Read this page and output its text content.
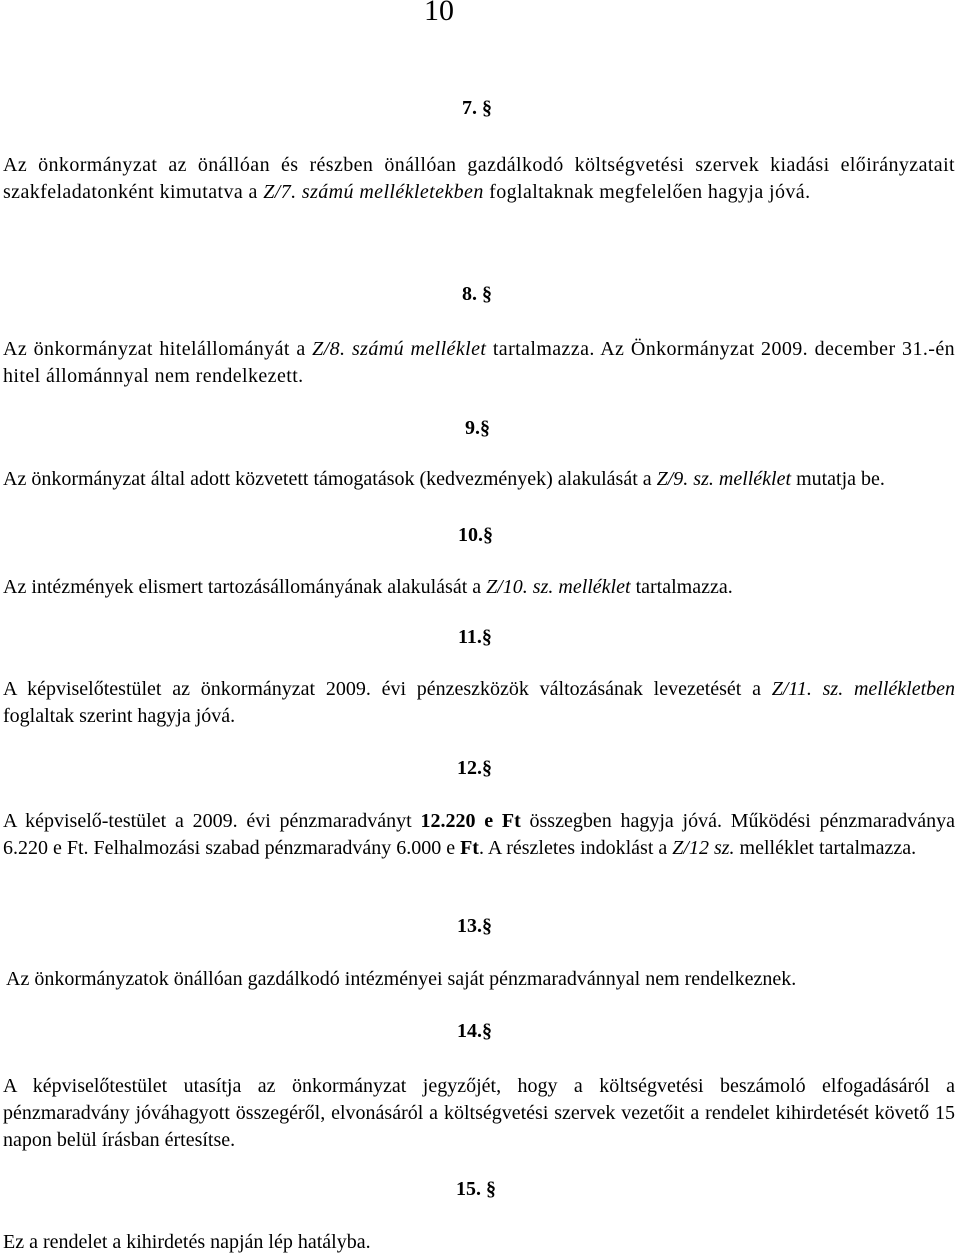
10
7. §
Az önkormányzat az önállóan és részben önállóan gazdálkodó költségvetési szervek kiadási előirányzatait szakfeladatonként kimutatva a Z/7. számú mellékletekben foglaltaknak megfelelően hagyja jóvá.
8. §
Az önkormányzat hitelállományát a Z/8. számú melléklet tartalmazza. Az Önkormányzat 2009. december 31.-én hitel állománnyal nem rendelkezett.
9.§
Az önkormányzat által adott közvetett támogatások (kedvezmények) alakulását a Z/9. sz. melléklet mutatja be.
10.§
Az intézmények elismert tartozásállományának alakulását a Z/10. sz. melléklet tartalmazza.
11.§
A képviselőtestület az önkormányzat 2009. évi pénzeszközök változásának levezetését a Z/11. sz. mellékletben foglaltak szerint hagyja jóvá.
12.§
A képviselő-testület a 2009. évi pénzmaradványt 12.220 e Ft összegben hagyja jóvá. Működési pénzmaradványa 6.220 e Ft. Felhalmozási szabad pénzmaradvány 6.000 e Ft. A részletes indoklást a Z/12 sz. melléklet tartalmazza.
13.§
Az önkormányzatok önállóan gazdálkodó intézményei saját pénzmaradvánnyal nem rendelkeznek.
14.§
A képviselőtestület utasítja az önkormányzat jegyzőjét, hogy a költségvetési beszámoló elfogadásáról a pénzmaradvány jóváhagyott összegéről, elvonásáról a költségvetési szervek vezetőit a rendelet kihirdetését követő 15 napon belül írásban értesítse.
15. §
Ez a rendelet a kihirdetés napján lép hatályba.
